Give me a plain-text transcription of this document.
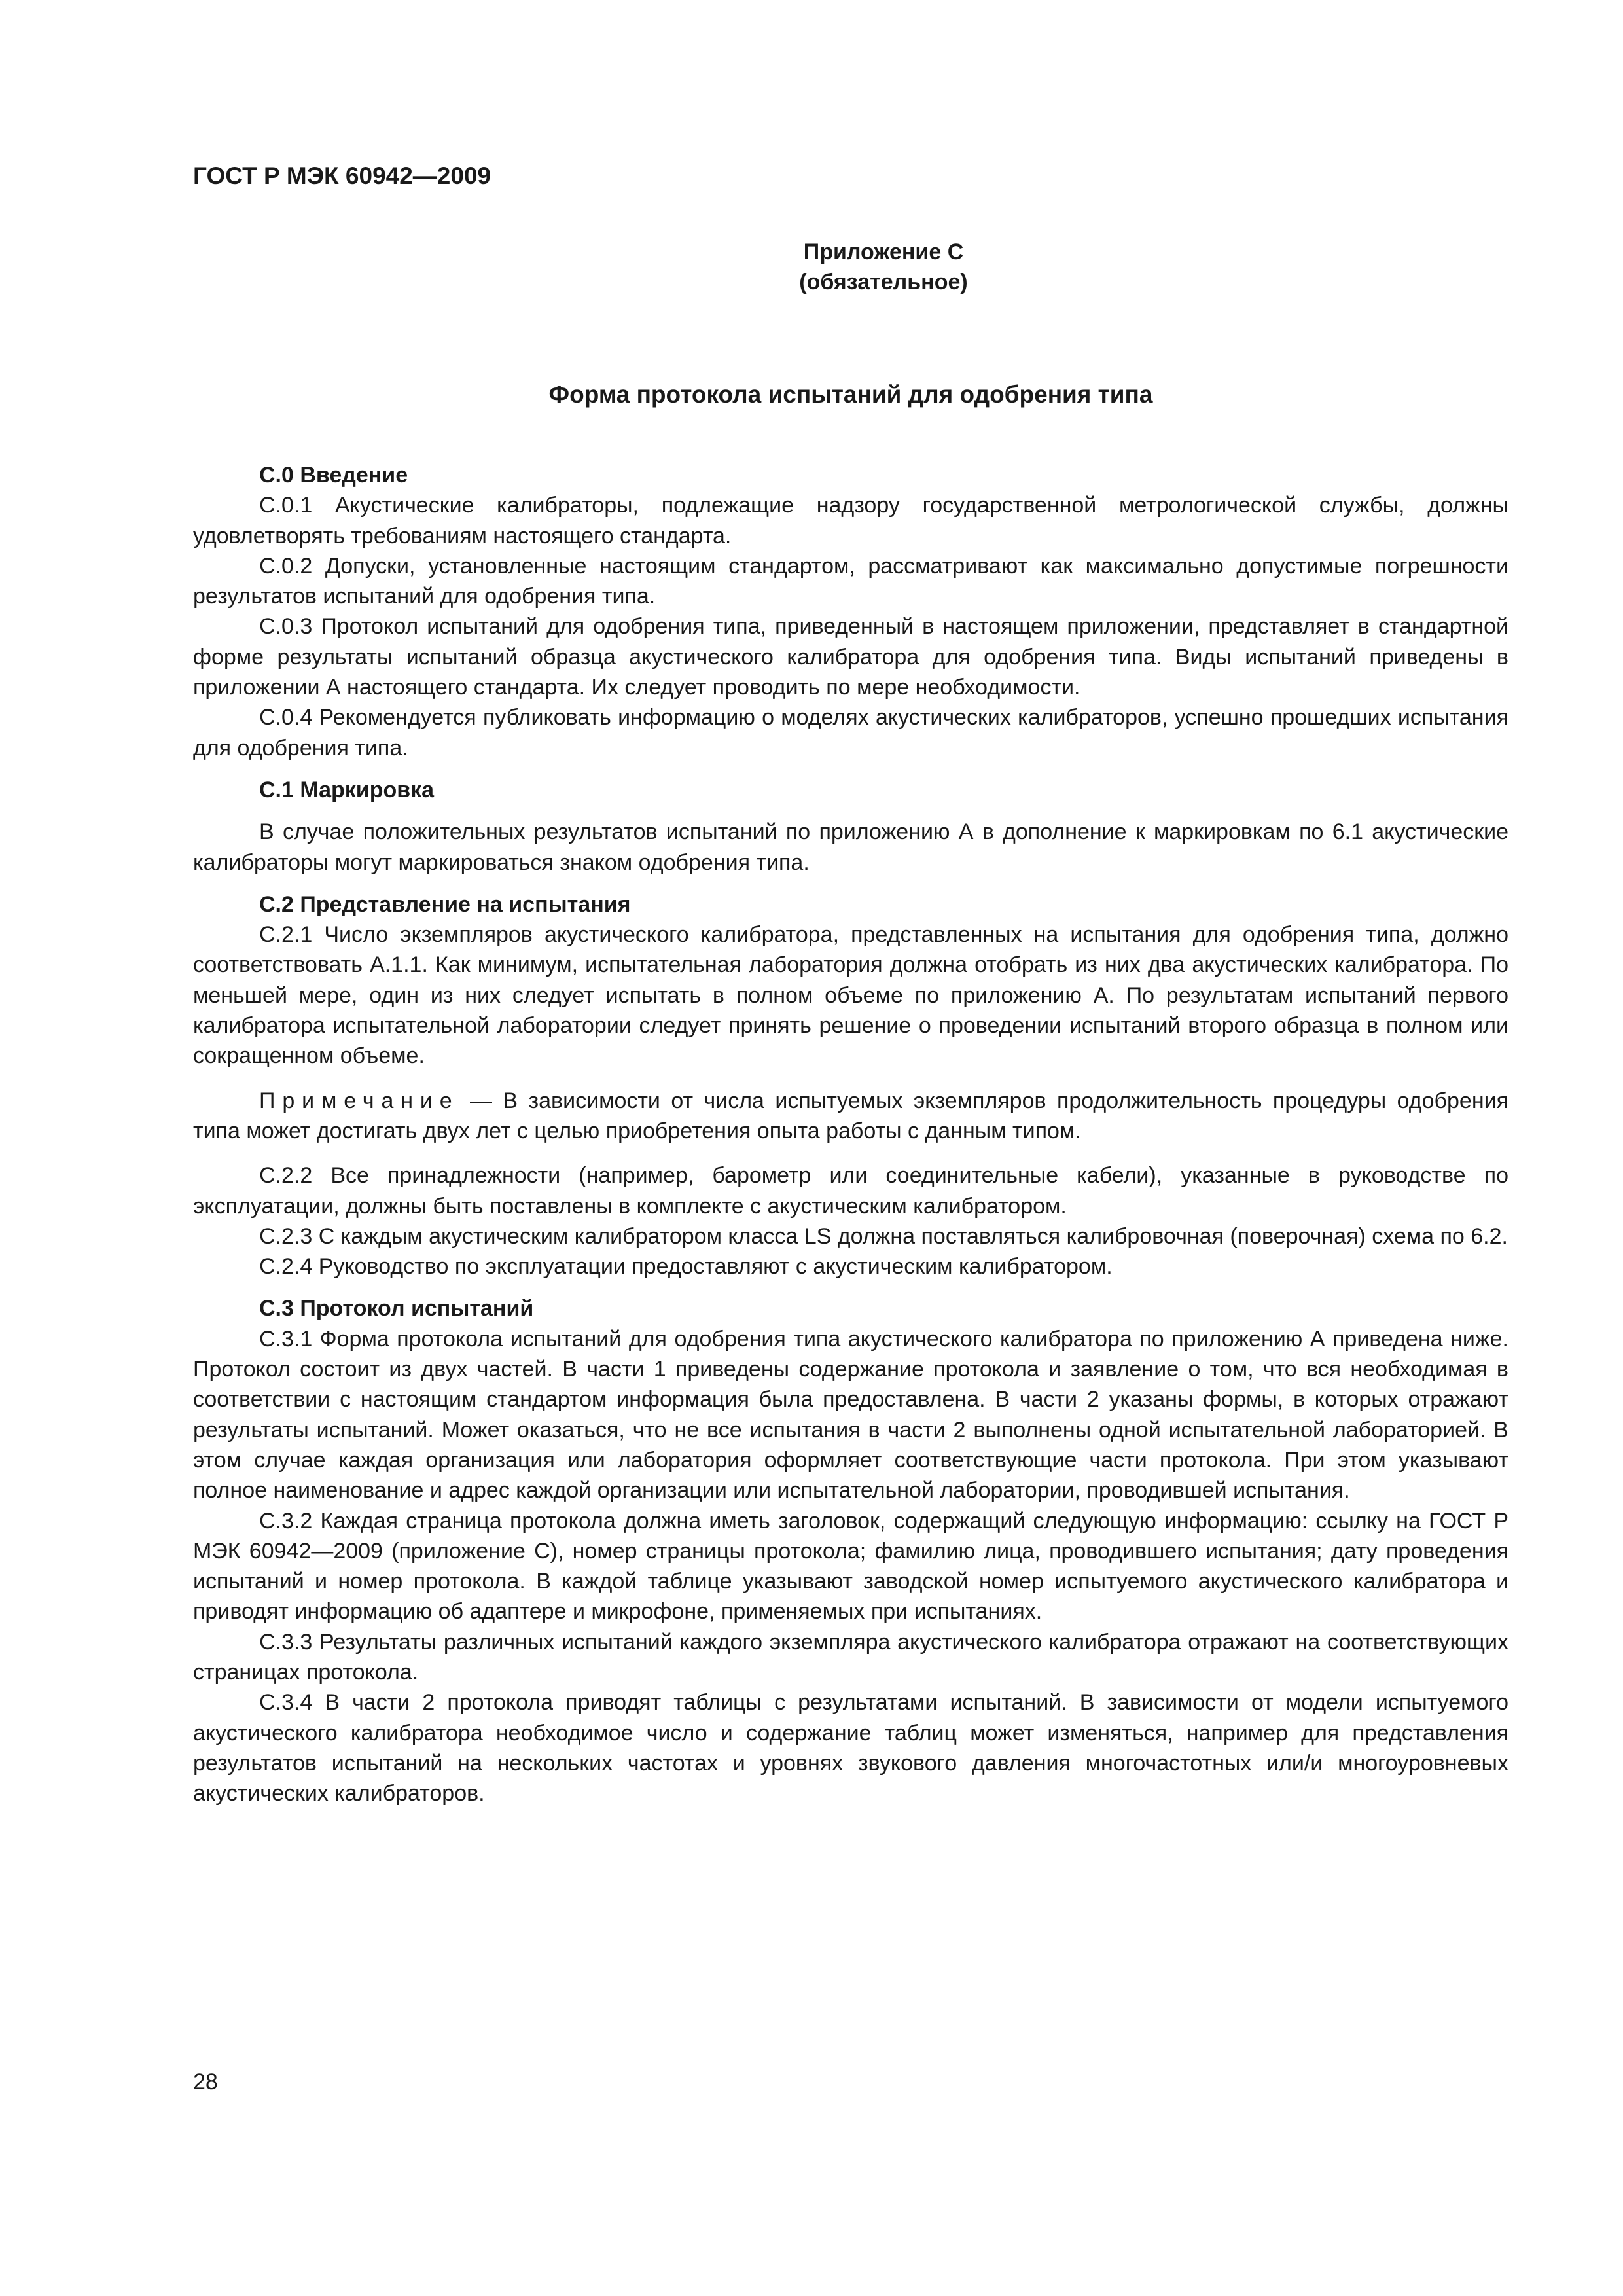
ГОСТ Р МЭК 60942—2009
Приложение С
(обязательное)
Форма протокола испытаний для одобрения типа
С.0 Введение

С.0.1 Акустические калибраторы, подлежащие надзору государственной метрологической службы, должны удовлетворять требованиям настоящего стандарта.

С.0.2 Допуски, установленные настоящим стандартом, рассматривают как максимально допустимые погрешности результатов испытаний для одобрения типа.

С.0.3 Протокол испытаний для одобрения типа, приведенный в настоящем приложении, представляет в стандартной форме результаты испытаний образца акустического калибратора для одобрения типа. Виды испытаний приведены в приложении А настоящего стандарта. Их следует проводить по мере необходимости.

С.0.4 Рекомендуется публиковать информацию о моделях акустических калибраторов, успешно прошедших испытания для одобрения типа.

С.1 Маркировка

В случае положительных результатов испытаний по приложению А в дополнение к маркировкам по 6.1 акустические калибраторы могут маркироваться знаком одобрения типа.

С.2 Представление на испытания

С.2.1 Число экземпляров акустического калибратора, представленных на испытания для одобрения типа, должно соответствовать А.1.1. Как минимум, испытательная лаборатория должна отобрать из них два акустических калибратора. По меньшей мере, один из них следует испытать в полном объеме по приложению А. По результатам испытаний первого калибратора испытательной лаборатории следует принять решение о проведении испытаний второго образца в полном или сокращенном объеме.

Примечание — В зависимости от числа испытуемых экземпляров продолжительность процедуры одобрения типа может достигать двух лет с целью приобретения опыта работы с данным типом.

С.2.2 Все принадлежности (например, барометр или соединительные кабели), указанные в руководстве по эксплуатации, должны быть поставлены в комплекте с акустическим калибратором.

С.2.3 С каждым акустическим калибратором класса LS должна поставляться калибровочная (поверочная) схема по 6.2.

С.2.4 Руководство по эксплуатации предоставляют с акустическим калибратором.

С.3 Протокол испытаний

С.3.1 Форма протокола испытаний для одобрения типа акустического калибратора по приложению А приведена ниже. Протокол состоит из двух частей. В части 1 приведены содержание протокола и заявление о том, что вся необходимая в соответствии с настоящим стандартом информация была предоставлена. В части 2 указаны формы, в которых отражают результаты испытаний. Может оказаться, что не все испытания в части 2 выполнены одной испытательной лабораторией. В этом случае каждая организация или лаборатория оформляет соответствующие части протокола. При этом указывают полное наименование и адрес каждой организации или испытательной лаборатории, проводившей испытания.

С.3.2 Каждая страница протокола должна иметь заголовок, содержащий следующую информацию: ссылку на ГОСТ Р МЭК 60942—2009 (приложение С), номер страницы протокола; фамилию лица, проводившего испытания; дату проведения испытаний и номер протокола. В каждой таблице указывают заводской номер испытуемого акустического калибратора и приводят информацию об адаптере и микрофоне, применяемых при испытаниях.

С.3.3 Результаты различных испытаний каждого экземпляра акустического калибратора отражают на соответствующих страницах протокола.

С.3.4 В части 2 протокола приводят таблицы с результатами испытаний. В зависимости от модели испытуемого акустического калибратора необходимое число и содержание таблиц может изменяться, например для представления результатов испытаний на нескольких частотах и уровнях звукового давления многочастотных или/и многоуровневых акустических калибраторов.

28
